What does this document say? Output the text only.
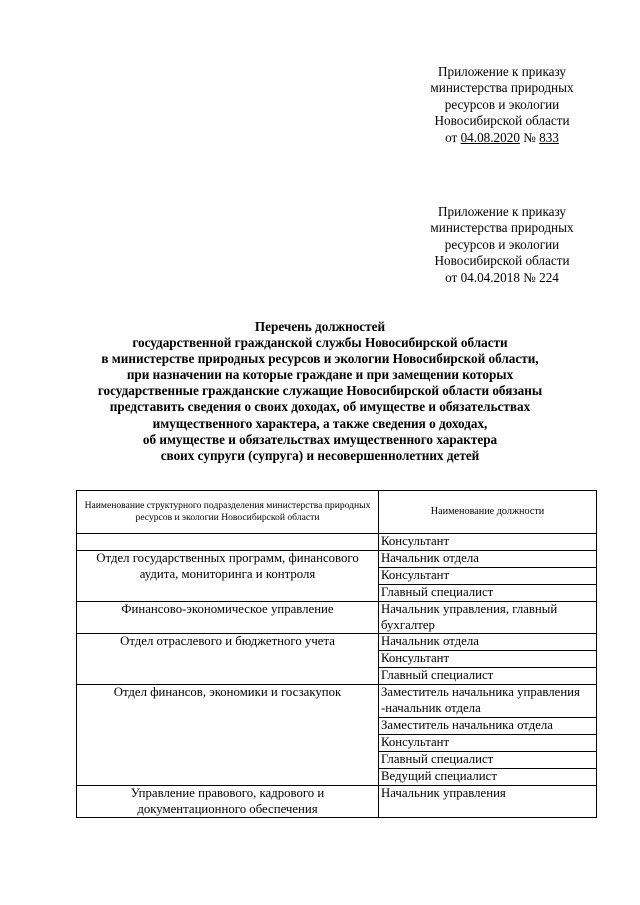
Приложение к приказу
министерства природных
ресурсов и экологии
Новосибирской области
от 04.08.2020 № 833
Приложение к приказу
министерства природных
ресурсов и экологии
Новосибирской области
от 04.04.2018 № 224
Перечень должностей
государственной гражданской службы Новосибирской области
в министерстве природных ресурсов и экологии Новосибирской области,
при назначении на которые граждане и при замещении которых
государственные гражданские служащие Новосибирской области обязаны
представить сведения о своих доходах, об имуществе и обязательствах
имущественного характера, а также сведения о доходах,
об имуществе и обязательствах имущественного характера
своих супруги (супруга) и несовершеннолетних детей
Наименование структурного подразделения министерства природных ресурсов и экологии Новосибирской области	Наименование должности
	Консультант
Отдел государственных программ, финансового аудита, мониторинга и контроля	Начальник отдела
	Консультант
	Главный специалист
Финансово-экономическое управление	Начальник управления, главный бухгалтер
Отдел отраслевого и бюджетного учета	Начальник отдела
	Консультант
	Главный специалист
Отдел финансов, экономики и госзакупок	Заместитель начальника управления -начальник отдела
	Заместитель начальника отдела
	Консультант
	Главный специалист
	Ведущий специалист
Управление правового, кадрового и документационного обеспечения	Начальник управления
